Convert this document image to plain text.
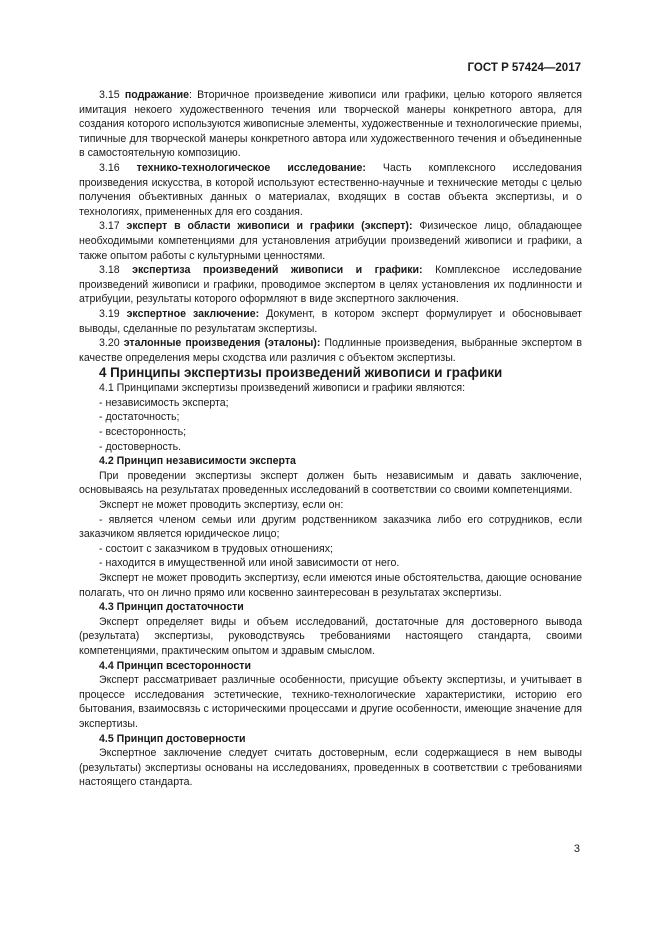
ГОСТ Р 57424—2017

3.15 подражание: Вторичное произведение живописи или графики, целью которого является имитация некоего художественного течения или творческой манеры конкретного автора, для создания которого используются живописные элементы, художественные и технологические приемы, типичные для творческой манеры конкретного автора или художественного течения и объединенные в самостоятельную композицию.

3.16 технико-технологическое исследование: Часть комплексного исследования произведения искусства, в которой используют естественно-научные и технические методы с целью получения объективных данных о материалах, входящих в состав объекта экспертизы, и о технологиях, примененных для его создания.

3.17 эксперт в области живописи и графики (эксперт): Физическое лицо, обладающее необходимыми компетенциями для установления атрибуции произведений живописи и графики, а также опытом работы с культурными ценностями.

3.18 экспертиза произведений живописи и графики: Комплексное исследование произведений живописи и графики, проводимое экспертом в целях установления их подлинности и атрибуции, результаты которого оформляют в виде экспертного заключения.

3.19 экспертное заключение: Документ, в котором эксперт формулирует и обосновывает выводы, сделанные по результатам экспертизы.

3.20 эталонные произведения (эталоны): Подлинные произведения, выбранные экспертом в качестве определения меры сходства или различия с объектом экспертизы.

4 Принципы экспертизы произведений живописи и графики

4.1 Принципами экспертизы произведений живописи и графики являются:

- независимость эксперта;

- достаточность;

- всесторонность;

- достоверность.

4.2 Принцип независимости эксперта

При проведении экспертизы эксперт должен быть независимым и давать заключение, основываясь на результатах проведенных исследований в соответствии со своими компетенциями.

Эксперт не может проводить экспертизу, если он:

- является членом семьи или другим родственником заказчика либо его сотрудников, если заказчиком является юридическое лицо;

- состоит с заказчиком в трудовых отношениях;

- находится в имущественной или иной зависимости от него.

Эксперт не может проводить экспертизу, если имеются иные обстоятельства, дающие основание полагать, что он лично прямо или косвенно заинтересован в результатах экспертизы.

4.3 Принцип достаточности

Эксперт определяет виды и объем исследований, достаточные для достоверного вывода (результата) экспертизы, руководствуясь требованиями настоящего стандарта, своими компетенциями, практическим опытом и здравым смыслом.

4.4 Принцип всесторонности

Эксперт рассматривает различные особенности, присущие объекту экспертизы, и учитывает в процессе исследования эстетические, технико-технологические характеристики, историю его бытования, взаимосвязь с историческими процессами и другие особенности, имеющие значение для экспертизы.

4.5 Принцип достоверности

Экспертное заключение следует считать достоверным, если содержащиеся в нем выводы (результаты) экспертизы основаны на исследованиях, проведенных в соответствии с требованиями настоящего стандарта.

3
